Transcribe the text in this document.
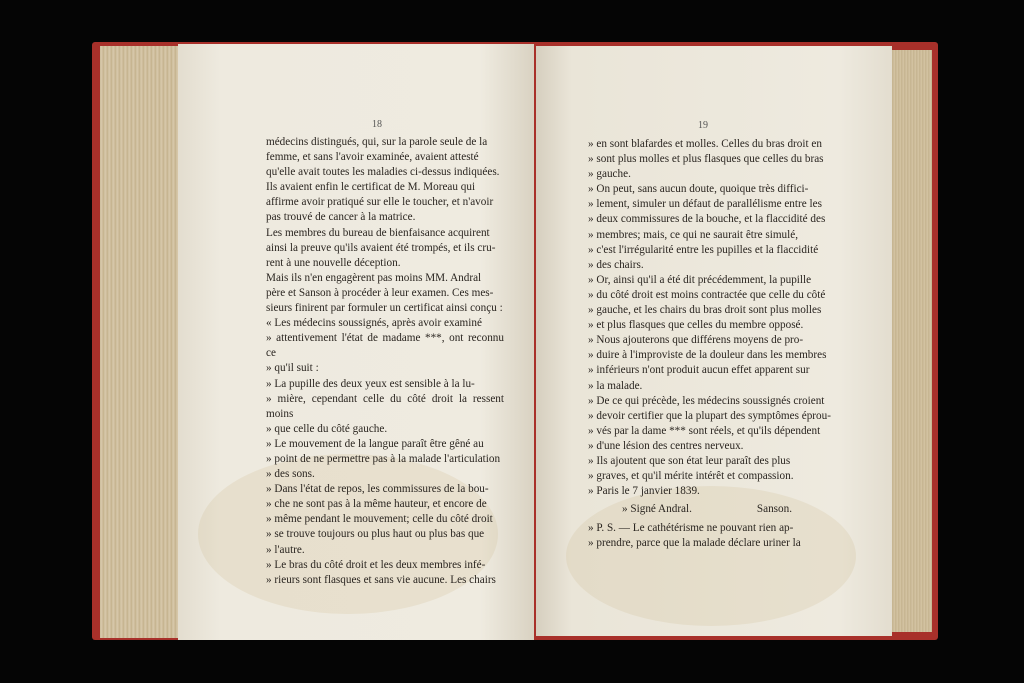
18

médecins distingués, qui, sur la parole seule de la

femme, et sans l'avoir examinée, avaient attesté

qu'elle avait toutes les maladies ci-dessus indiquées.

Ils avaient enfin le certificat de M. Moreau qui

affirme avoir pratiqué sur elle le toucher, et n'avoir

pas trouvé de cancer à la matrice.

Les membres du bureau de bienfaisance acquirent

ainsi la preuve qu'ils avaient été trompés, et ils cru-

rent à une nouvelle déception.

Mais ils n'en engagèrent pas moins MM. Andral

père et Sanson à procéder à leur examen. Ces mes-

sieurs finirent par formuler un certificat ainsi conçu :

« Les médecins soussignés, après avoir examiné

» attentivement l'état de madame ***, ont reconnu ce

» qu'il suit :

» La pupille des deux yeux est sensible à la lu-

» mière, cependant celle du côté droit la ressent moins

» que celle du côté gauche.

» Le mouvement de la langue paraît être gêné au

» point de ne permettre pas à la malade l'articulation

» des sons.

» Dans l'état de repos, les commissures de la bou-

» che ne sont pas à la même hauteur, et encore de

» même pendant le mouvement; celle du côté droit

» se trouve toujours ou plus haut ou plus bas que

» l'autre.

» Le bras du côté droit et les deux membres infé-

» rieurs sont flasques et sans vie aucune. Les chairs

19

» en sont blafardes et molles. Celles du bras droit en

» sont plus molles et plus flasques que celles du bras

» gauche.

» On peut, sans aucun doute, quoique très diffici-

» lement, simuler un défaut de parallélisme entre les

» deux commissures de la bouche, et la flaccidité des

» membres; mais, ce qui ne saurait être simulé,

» c'est l'irrégularité entre les pupilles et la flaccidité

» des chairs.

» Or, ainsi qu'il a été dit précédemment, la pupille

» du côté droit est moins contractée que celle du côté

» gauche, et les chairs du bras droit sont plus molles

» et plus flasques que celles du membre opposé.

» Nous ajouterons que différens moyens de pro-

» duire à l'improviste de la douleur dans les membres

» inférieurs n'ont produit aucun effet apparent sur

» la malade.

» De ce qui précède, les médecins soussignés croient

» devoir certifier que la plupart des symptômes éprou-

» vés par la dame *** sont réels, et qu'ils dépendent

» d'une lésion des centres nerveux.

» Ils ajoutent que son état leur paraît des plus

» graves, et qu'il mérite intérêt et compassion.

» Paris le 7 janvier 1839.

» Signé Andral.	Sanson.

» P. S. — Le cathétérisme ne pouvant rien ap-

» prendre, parce que la malade déclare uriner la
